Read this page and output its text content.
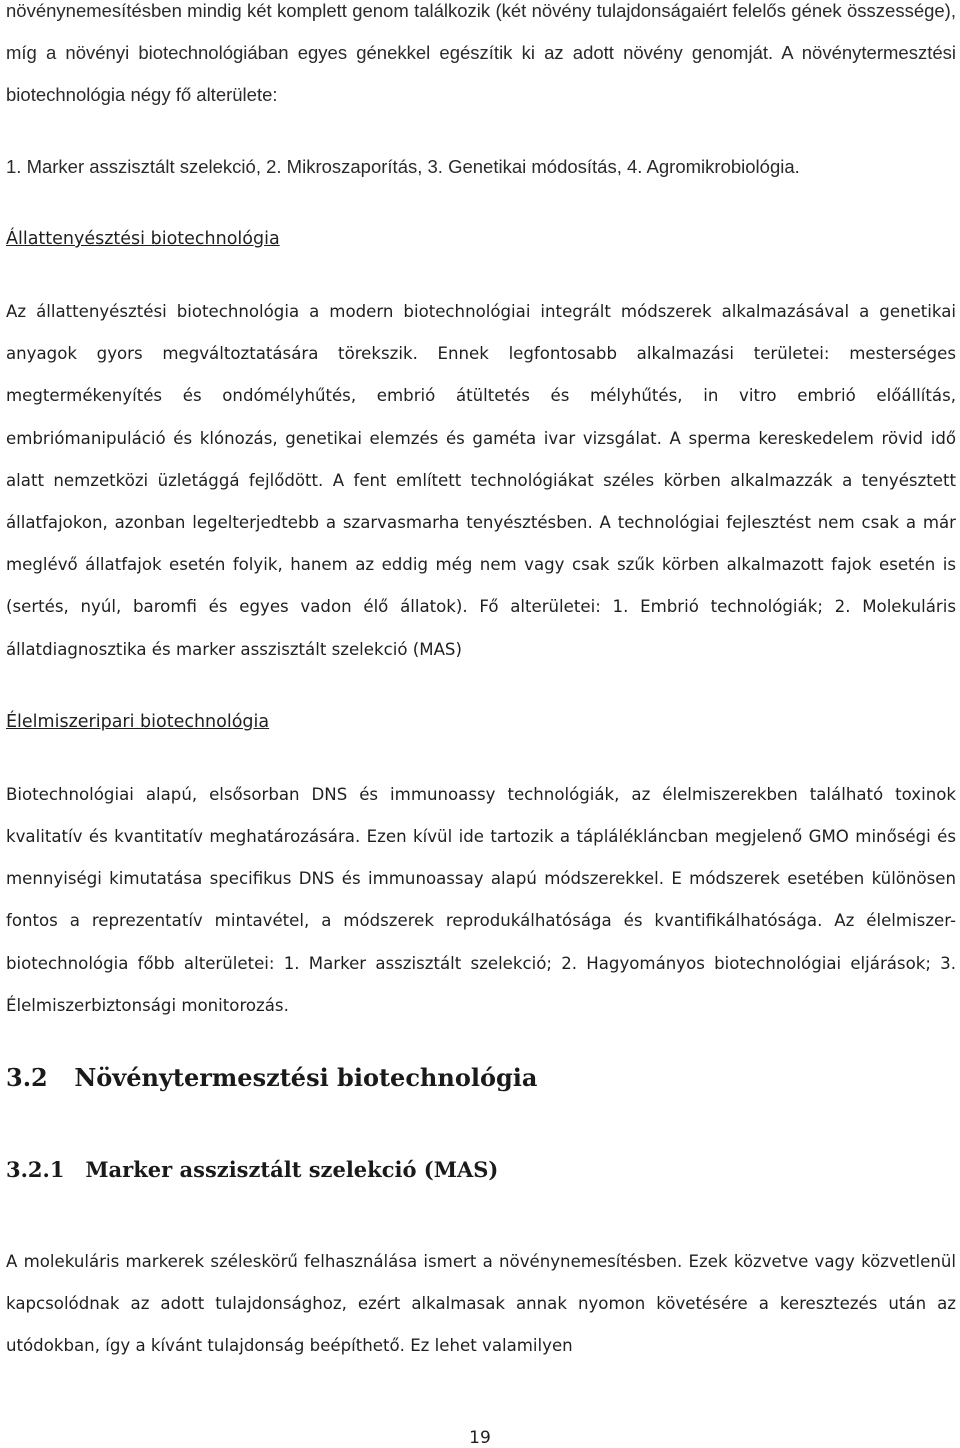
növénynemesítésben mindig két komplett genom találkozik (két növény tulajdonságaiért felelős gének összessége), míg a növényi biotechnológiában egyes génekkel egészítik ki az adott növény genomját. A növénytermesztési biotechnológia négy fő alterülete:

1. Marker asszisztált szelekció, 2. Mikroszaporítás, 3. Genetikai módosítás, 4. Agromikrobiológia.

Állattenyésztési biotechnológia

Az állattenyésztési biotechnológia a modern biotechnológiai integrált módszerek alkalmazásával a genetikai anyagok gyors megváltoztatására törekszik. Ennek legfontosabb alkalmazási területei: mesterséges megtermékenyítés és ondómélyhűtés, embrió átültetés és mélyhűtés, in vitro embrió előállítás, embriómanipuláció és klónozás, genetikai elemzés és gaméta ivar vizsgálat. A sperma kereskedelem rövid idő alatt nemzetközi üzletággá fejlődött. A fent említett technológiákat széles körben alkalmazzák a tenyésztett állatfajokon, azonban legelterjedtebb a szarvasmarha tenyésztésben. A technológiai fejlesztést nem csak a már meglévő állatfajok esetén folyik, hanem az eddig még nem vagy csak szűk körben alkalmazott fajok esetén is (sertés, nyúl, baromfi és egyes vadon élő állatok). Fő alterületei: 1. Embrió technológiák; 2. Molekuláris állatdiagnosztika és marker asszisztált szelekció (MAS)

Élelmiszeripari biotechnológia

Biotechnológiai alapú, elsősorban DNS és immunoassy technológiák, az élelmiszerekben található toxinok kvalitatív és kvantitatív meghatározására. Ezen kívül ide tartozik a táplálékláncban megjelenő GMO minőségi és mennyiségi kimutatása specifikus DNS és immunoassay alapú módszerekkel. E módszerek esetében különösen fontos a reprezentatív mintavétel, a módszerek reprodukálhatósága és kvantifikálhatósága. Az élelmiszer-biotechnológia főbb alterületei: 1. Marker asszisztált szelekció; 2. Hagyományos biotechnológiai eljárások; 3. Élelmiszerbiztonsági monitorozás.

3.2 Növénytermesztési biotechnológia
3.2.1 Marker asszisztált szelekció (MAS)

A molekuláris markerek széleskörű felhasználása ismert a növénynemesítésben. Ezek közvetve vagy közvetlenül kapcsolódnak az adott tulajdonsághoz, ezért alkalmasak annak nyomon követésére a keresztezés után az utódokban, így a kívánt tulajdonság beépíthető. Ez lehet valamilyen

19
